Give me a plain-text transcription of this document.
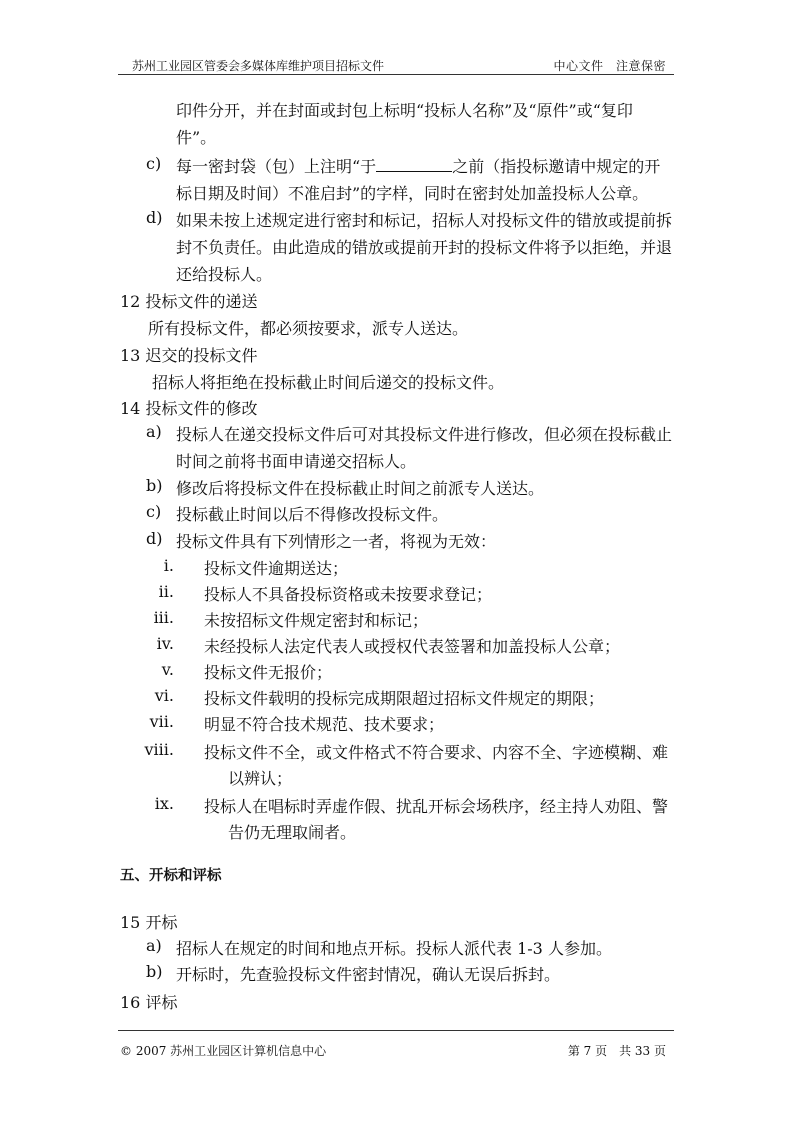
苏州工业园区管委会多媒体库维护项目招标文件	中心文件　注意保密
印件分开，并在封面或封包上标明“投标人名称”及“原件”或“复印
件”。
c) 每一密封袋（包）上注明“于	之前（指投标邀请中规定的开
标日期及时间）不准启封”的字样，同时在密封处加盖投标人公章。
d) 如果未按上述规定进行密封和标记，招标人对投标文件的错放或提前拆
封不负责任。由此造成的错放或提前开封的投标文件将予以拒绝，并退
还给投标人。
12 投标文件的递送
所有投标文件，都必须按要求，派专人送达。
13 迟交的投标文件
招标人将拒绝在投标截止时间后递交的投标文件。
14 投标文件的修改
a) 投标人在递交投标文件后可对其投标文件进行修改，但必须在投标截止
时间之前将书面申请递交招标人。
b) 修改后将投标文件在投标截止时间之前派专人送达。
c) 投标截止时间以后不得修改投标文件。
d) 投标文件具有下列情形之一者，将视为无效：
i. 投标文件逾期送达；
ii. 投标人不具备投标资格或未按要求登记；
iii. 未按招标文件规定密封和标记；
iv. 未经投标人法定代表人或授权代表签署和加盖投标人公章；
v. 投标文件无报价；
vi. 投标文件载明的投标完成期限超过招标文件规定的期限；
vii. 明显不符合技术规范、技术要求；
viii. 投标文件不全，或文件格式不符合要求、内容不全、字迹模糊、难
以辨认；
ix. 投标人在唱标时弄虚作假、扰乱开标会场秩序，经主持人劝阻、警
告仍无理取闹者。
五、开标和评标
15 开标
a) 招标人在规定的时间和地点开标。投标人派代表 1-3 人参加。
b) 开标时，先查验投标文件密封情况，确认无误后拆封。
16 评标
© 2007 苏州工业园区计算机信息中心	第 7 页　共 33 页
